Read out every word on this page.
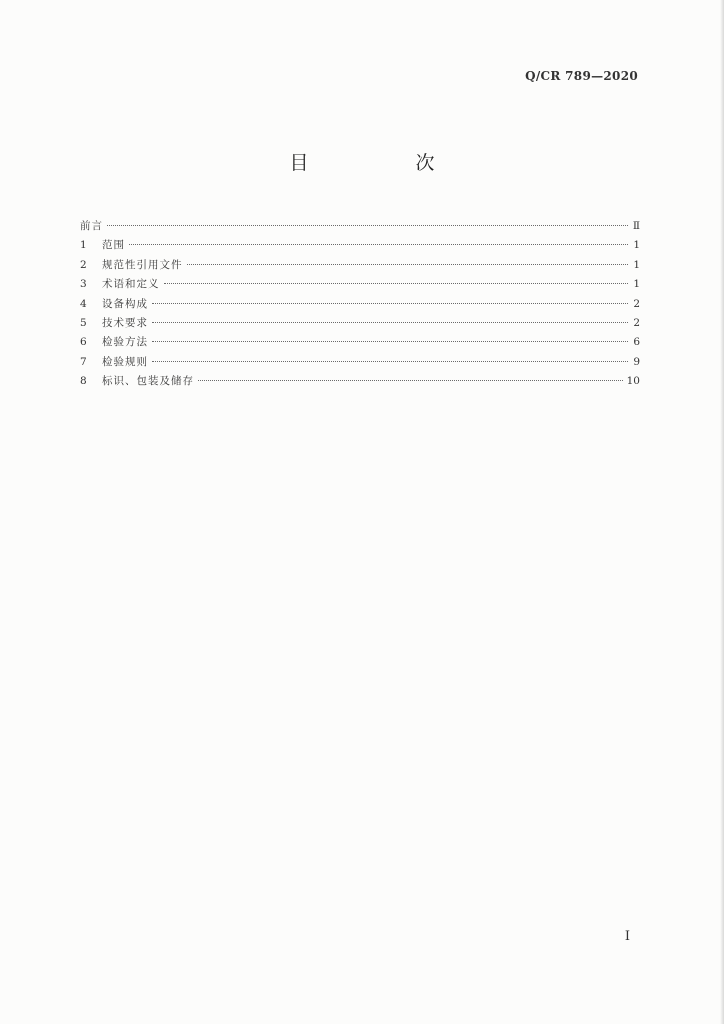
Q/CR 789—2020
目　次
前言	Ⅱ
1	范围	1
2	规范性引用文件	1
3	术语和定义	1
4	设备构成	2
5	技术要求	2
6	检验方法	6
7	检验规则	9
8	标识、包装及储存	10
I
